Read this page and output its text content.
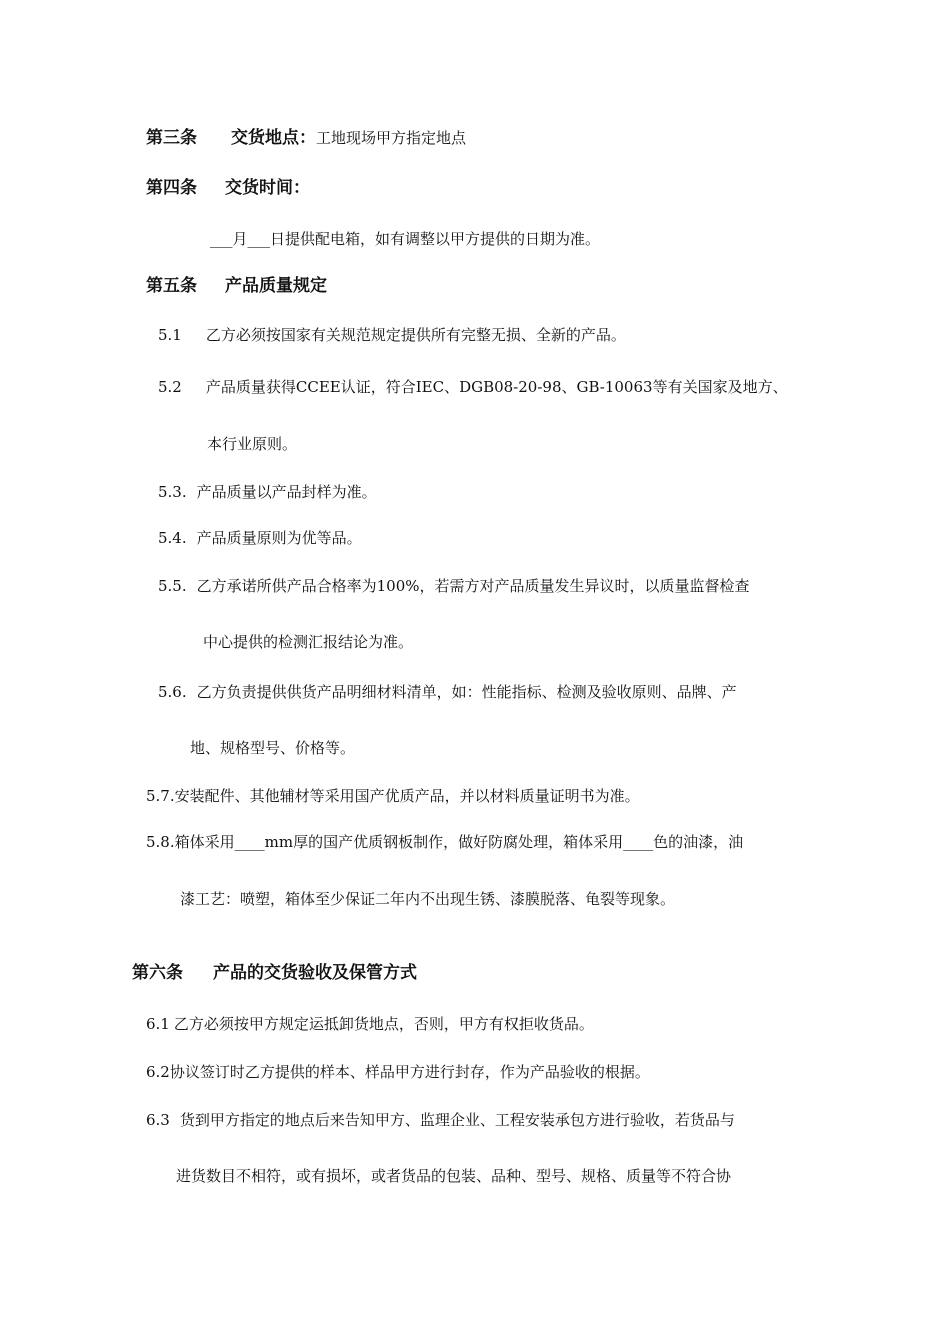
第三条 交货地点：工地现场甲方指定地点
第四条 交货时间：
___月___日提供配电箱，如有调整以甲方提供的日期为准。
第五条 产品质量规定
5.1 乙方必须按国家有关规范规定提供所有完整无损、全新的产品。
5.2 产品质量获得CCEE认证，符合IEC、DGB08-20-98、GB-10063等有关国家及地方、
本行业原则。
5.3. 产品质量以产品封样为准。
5.4. 产品质量原则为优等品。
5.5. 乙方承诺所供产品合格率为100%，若需方对产品质量发生异议时，以质量监督检查
中心提供的检测汇报结论为准。
5.6. 乙方负责提供供货产品明细材料清单，如：性能指标、检测及验收原则、品牌、产
地、规格型号、价格等。
5.7.安装配件、其他辅材等采用国产优质产品，并以材料质量证明书为准。
5.8.箱体采用____mm厚的国产优质钢板制作，做好防腐处理，箱体采用____色的油漆，油
漆工艺：喷塑，箱体至少保证二年内不出现生锈、漆膜脱落、龟裂等现象。
第六条 产品的交货验收及保管方式
6.1 乙方必须按甲方规定运抵卸货地点，否则，甲方有权拒收货品。
6.2协议签订时乙方提供的样本、样品甲方进行封存，作为产品验收的根据。
6.3 货到甲方指定的地点后来告知甲方、监理企业、工程安装承包方进行验收，若货品与
进货数目不相符，或有损坏，或者货品的包装、品种、型号、规格、质量等不符合协
